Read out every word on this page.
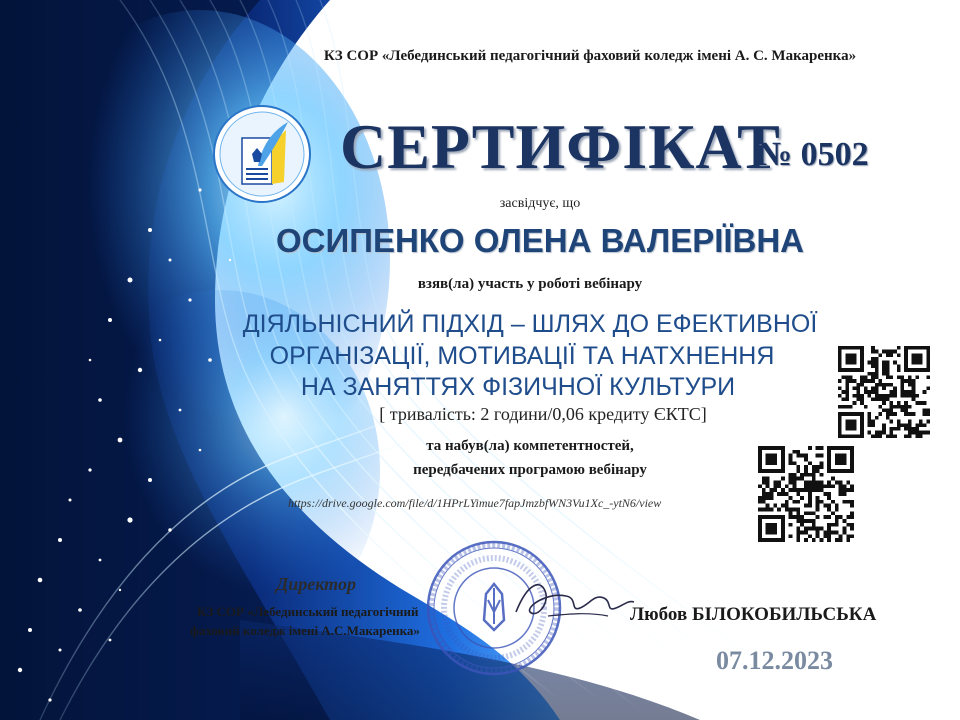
КЗ СОР «Лебединський педагогічний фаховий коледж імені А. С. Макаренка»
СЕРТИФІКАТ
№ 0502
засвідчує, що
ОСИПЕНКО ОЛЕНА ВАЛЕРІЇВНА
взяв(ла) участь у роботі вебінару
ДІЯЛЬНІСНИЙ ПІДХІД – ШЛЯХ ДО ЕФЕКТИВНОЇ
ОРГАНІЗАЦІЇ, МОТИВАЦІЇ ТА НАТХНЕННЯ
НА ЗАНЯТТЯХ ФІЗИЧНОЇ КУЛЬТУРИ
[ тривалість: 2 години/0,06 кредиту ЄКТС]
та набув(ла) компетентностей,
передбачених програмою вебінару
https://drive.google.com/file/d/1HPrLYimue7fapJmzbfWN3Vu1Xc_-ytN6/view
Директор
КЗ СОР «Лебединський педагогічний
фаховий коледж імені А.С.Макаренка»
Любов БІЛОКОБИЛЬСЬКА
07.12.2023
